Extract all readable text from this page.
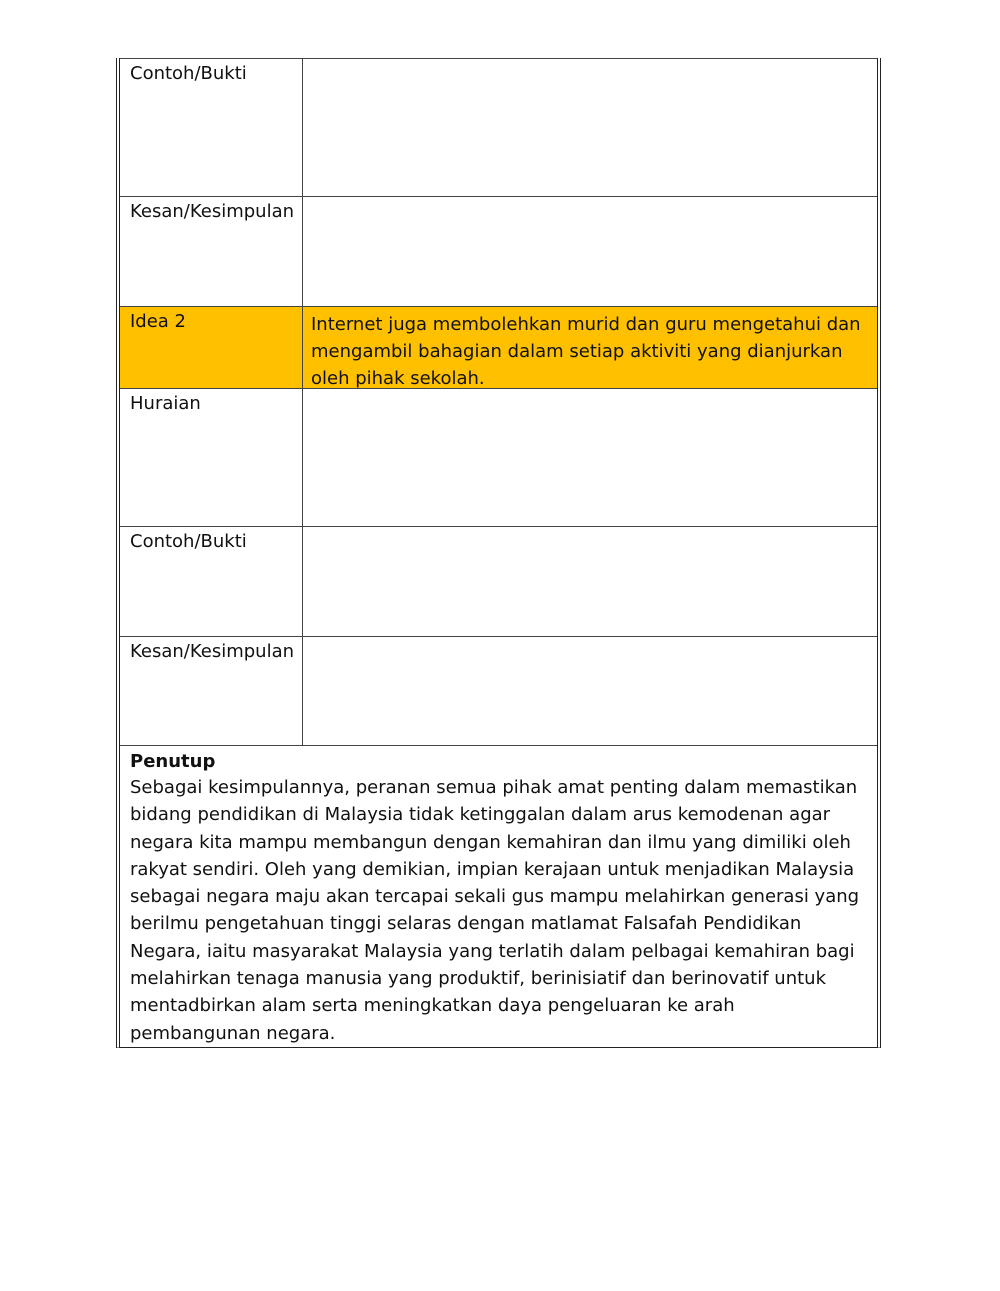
Contoh/Bukti
Kesan/Kesimpulan
Idea 2	Internet juga membolehkan murid dan guru mengetahui dan mengambil bahagian dalam setiap aktiviti yang dianjurkan oleh pihak sekolah.
Huraian
Contoh/Bukti
Kesan/Kesimpulan
Penutup
Sebagai kesimpulannya, peranan semua pihak amat penting dalam memastikan bidang pendidikan di Malaysia tidak ketinggalan dalam arus kemodenan agar negara kita mampu membangun dengan kemahiran dan ilmu yang dimiliki oleh rakyat sendiri. Oleh yang demikian, impian kerajaan untuk menjadikan Malaysia sebagai negara maju akan tercapai sekali gus mampu melahirkan generasi yang berilmu pengetahuan tinggi selaras dengan matlamat Falsafah Pendidikan Negara, iaitu masyarakat Malaysia yang terlatih dalam pelbagai kemahiran bagi melahirkan tenaga manusia yang produktif, berinisiatif dan berinovatif untuk mentadbirkan alam serta meningkatkan daya pengeluaran ke arah pembangunan negara.
